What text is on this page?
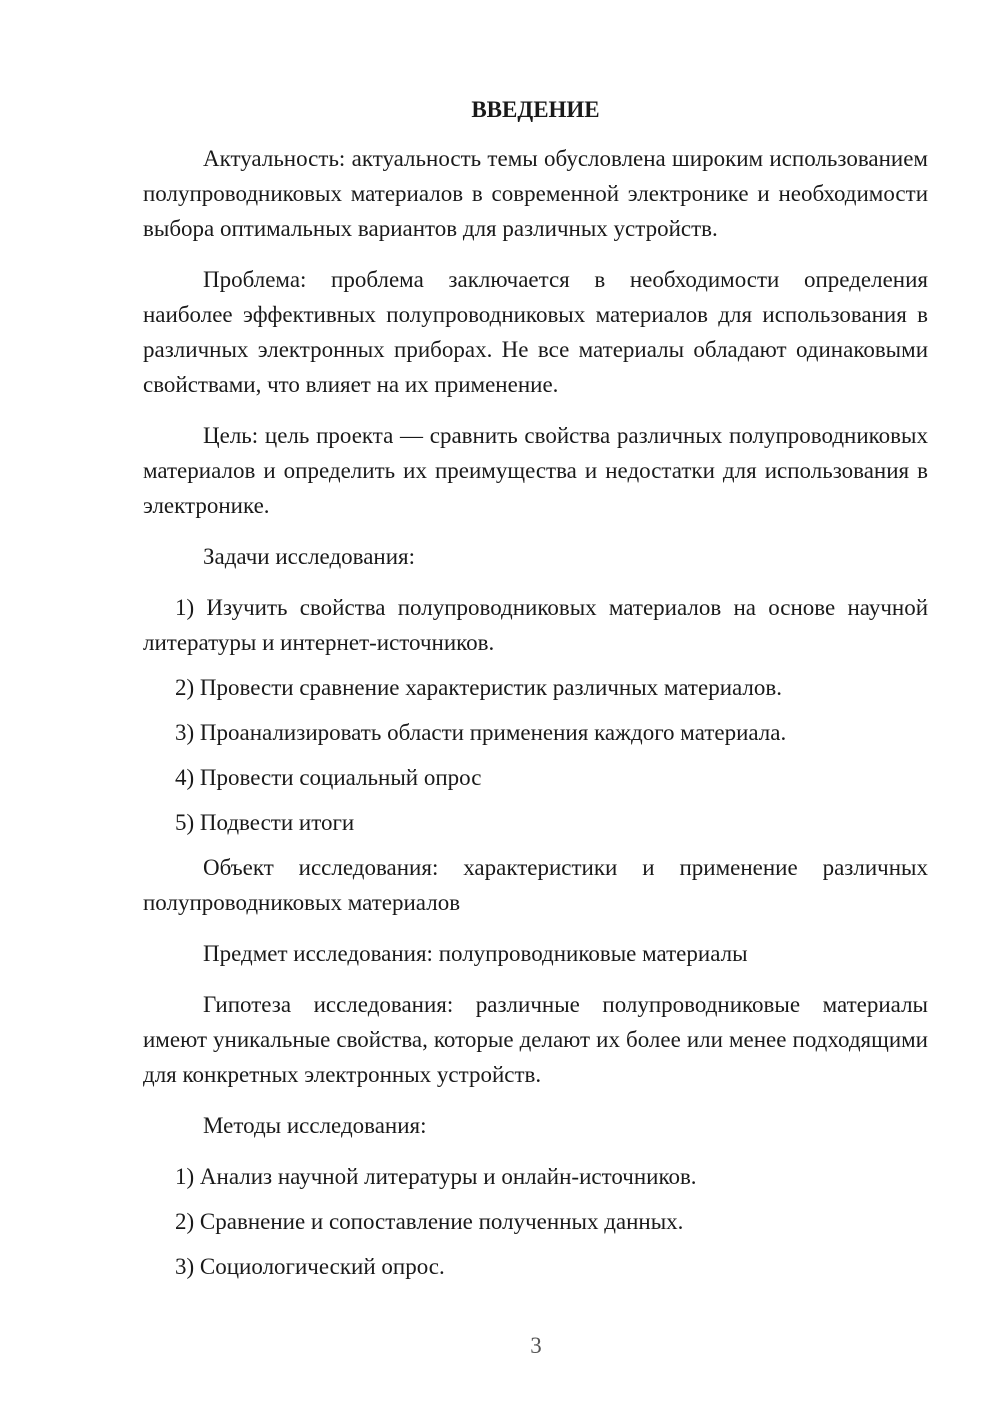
ВВЕДЕНИЕ

Актуальность: актуальность темы обусловлена широким использованием полупроводниковых материалов в современной электронике и необходимости выбора оптимальных вариантов для различных устройств.

Проблема: проблема заключается в необходимости определения наиболее эффективных полупроводниковых материалов для использования в различных электронных приборах. Не все материалы обладают одинаковыми свойствами, что влияет на их применение.

Цель: цель проекта — сравнить свойства различных полупроводниковых материалов и определить их преимущества и недостатки для использования в электронике.

Задачи исследования:

1) Изучить свойства полупроводниковых материалов на основе научной литературы и интернет-источников.

2) Провести сравнение характеристик различных материалов.

3) Проанализировать области применения каждого материала.

4) Провести социальный опрос

5) Подвести итоги

Объект исследования: характеристики и применение различных полупроводниковых материалов

Предмет исследования: полупроводниковые материалы

Гипотеза исследования: различные полупроводниковые материалы имеют уникальные свойства, которые делают их более или менее подходящими для конкретных электронных устройств.

Методы исследования:

1) Анализ научной литературы и онлайн-источников.

2) Сравнение и сопоставление полученных данных.

3) Социологический опрос.

3
